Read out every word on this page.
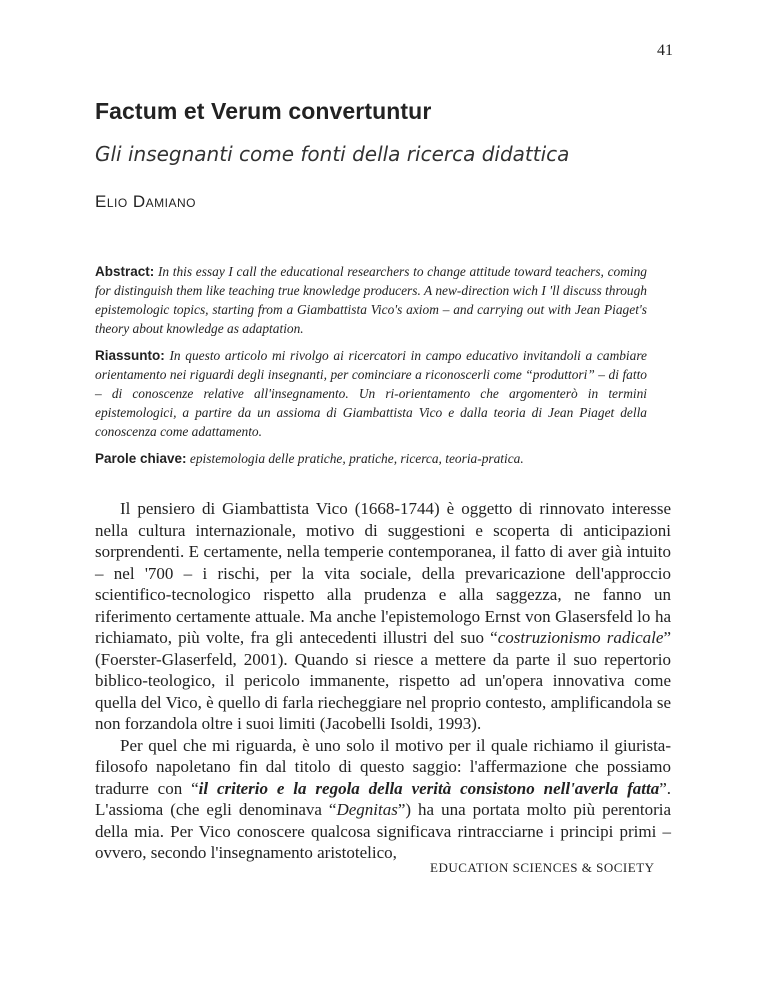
41
Factum et Verum convertuntur
Gli insegnanti come fonti della ricerca didattica
Elio Damiano
Abstract: In this essay I call the educational researchers to change attitude toward teachers, coming for distinguish them like teaching true knowledge producers. A new-direction wich I 'll discuss through epistemologic topics, starting from a Giambattista Vico's axiom – and carrying out with Jean Piaget's theory about knowledge as adaptation.
Riassunto: In questo articolo mi rivolgo ai ricercatori in campo educativo invitandoli a cambiare orientamento nei riguardi degli insegnanti, per cominciare a riconoscerli come “produttori” – di fatto – di conoscenze relative all'insegnamento. Un ri-orientamento che argomenterò in termini epistemologici, a partire da un assioma di Giambattista Vico e dalla teoria di Jean Piaget della conoscenza come adattamento.
Parole chiave: epistemologia delle pratiche, pratiche, ricerca, teoria-pratica.

Il pensiero di Giambattista Vico (1668-1744) è oggetto di rinnovato interesse nella cultura internazionale, motivo di suggestioni e scoperta di anticipazioni sorprendenti. E certamente, nella temperie contemporanea, il fatto di aver già intuito – nel '700 – i rischi, per la vita sociale, della prevaricazione dell'approccio scientifico-tecnologico rispetto alla prudenza e alla saggezza, ne fanno un riferimento certamente attuale. Ma anche l'epistemologo Ernst von Glasersfeld lo ha richiamato, più volte, fra gli antecedenti illustri del suo “costruzionismo radicale” (Foerster-Glaserfeld, 2001). Quando si riesce a mettere da parte il suo repertorio biblico-teologico, il pericolo immanente, rispetto ad un'opera innovativa come quella del Vico, è quello di farla riecheggiare nel proprio contesto, amplificandola se non forzandola oltre i suoi limiti (Jacobelli Isoldi, 1993).

Per quel che mi riguarda, è uno solo il motivo per il quale richiamo il giurista-filosofo napoletano fin dal titolo di questo saggio: l'affermazione che possiamo tradurre con “il criterio e la regola della verità consistono nell'averla fatta”. L'assioma (che egli denominava “Degnitas”) ha una portata molto più perentoria della mia. Per Vico conoscere qualcosa significava rintracciarne i principi primi – ovvero, secondo l'insegnamento aristotelico,

EDUCATION SCIENCES & SOCIETY
